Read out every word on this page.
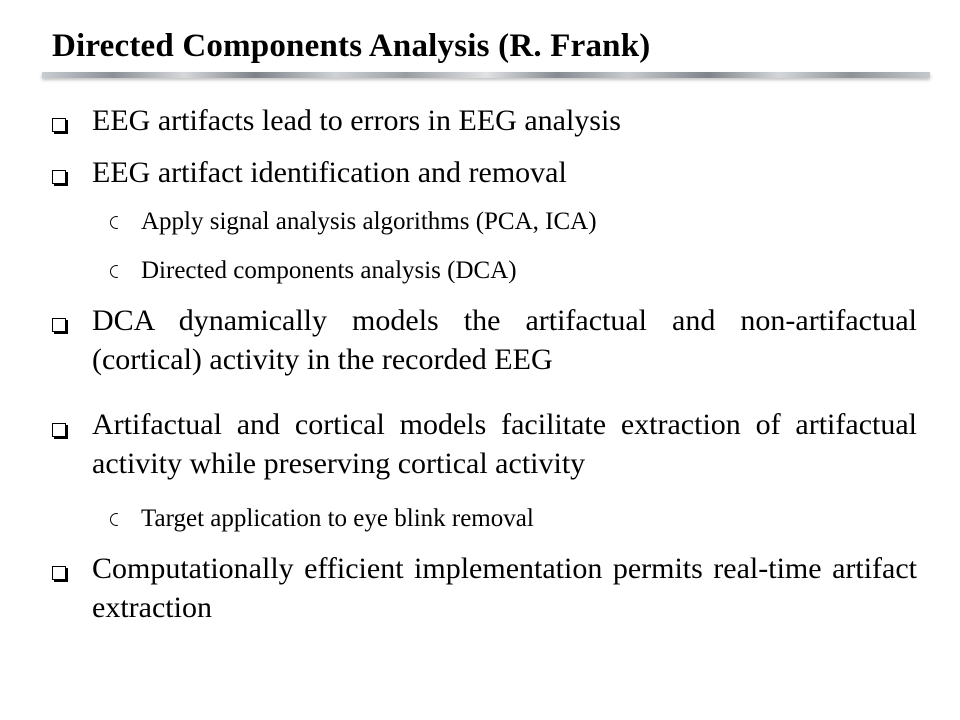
Directed Components Analysis (R. Frank)
EEG artifacts lead to errors in EEG analysis
EEG artifact identification and removal
Apply signal analysis algorithms (PCA, ICA)
Directed components analysis (DCA)
DCA dynamically models the artifactual and non-artifactual (cortical) activity in the recorded EEG
Artifactual and cortical models facilitate extraction of artifactual activity while preserving cortical activity
Target application to eye blink removal
Computationally efficient implementation permits real-time artifact extraction
